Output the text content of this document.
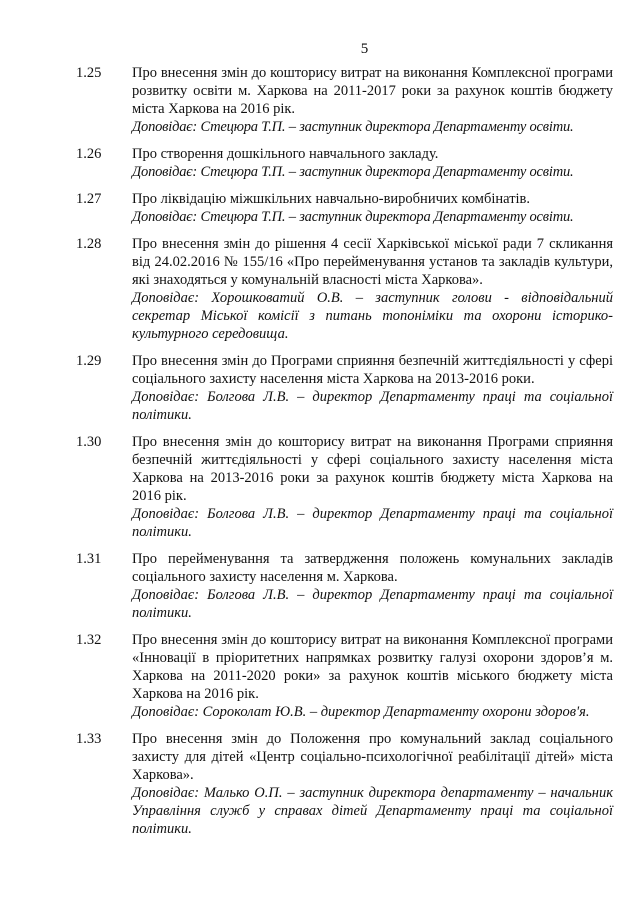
5
1.25	Про внесення змін до кошторису витрат на виконання Комплексної програми розвитку освіти м. Харкова на 2011-2017 роки за рахунок коштів бюджету міста Харкова на 2016 рік.
Доповідає: Стецюра Т.П. – заступник директора Департаменту освіти.
1.26	Про створення дошкільного навчального закладу.
Доповідає: Стецюра Т.П. – заступник директора Департаменту освіти.
1.27	Про ліквідацію міжшкільних навчально-виробничих комбінатів.
Доповідає: Стецюра Т.П. – заступник директора Департаменту освіти.
1.28	Про внесення змін до рішення 4 сесії Харківської міської ради 7 скликання від 24.02.2016 № 155/16 «Про перейменування установ та закладів культури, які знаходяться у комунальній власності міста Харкова».
Доповідає: Хорошковатий О.В. – заступник голови - відповідальний секретар Міської комісії з питань топоніміки та охорони історико-культурного середовища.
1.29	Про внесення змін до Програми сприяння безпечній життєдіяльності у сфері соціального захисту населення міста Харкова на 2013-2016 роки.
Доповідає: Болгова Л.В. – директор Департаменту праці та соціальної політики.
1.30	Про внесення змін до кошторису витрат на виконання Програми сприяння безпечній життєдіяльності у сфері соціального захисту населення міста Харкова на 2013-2016 роки за рахунок коштів бюджету міста Харкова на 2016 рік.
Доповідає: Болгова Л.В. – директор Департаменту праці та соціальної політики.
1.31	Про перейменування та затвердження положень комунальних закладів соціального захисту населення м. Харкова.
Доповідає: Болгова Л.В. – директор Департаменту праці та соціальної політики.
1.32	Про внесення змін до кошторису витрат на виконання Комплексної програми «Інновації в пріоритетних напрямках розвитку галузі охорони здоров’я м. Харкова на 2011-2020 роки» за рахунок коштів міського бюджету міста Харкова на 2016 рік.
Доповідає: Сороколат Ю.В. – директор Департаменту охорони здоров'я.
1.33	Про внесення змін до Положення про комунальний заклад соціального захисту для дітей «Центр соціально-психологічної реабілітації дітей» міста Харкова».
Доповідає: Малько О.П. – заступник директора департаменту – начальник Управління служб у справах дітей Департаменту праці та соціальної політики.
